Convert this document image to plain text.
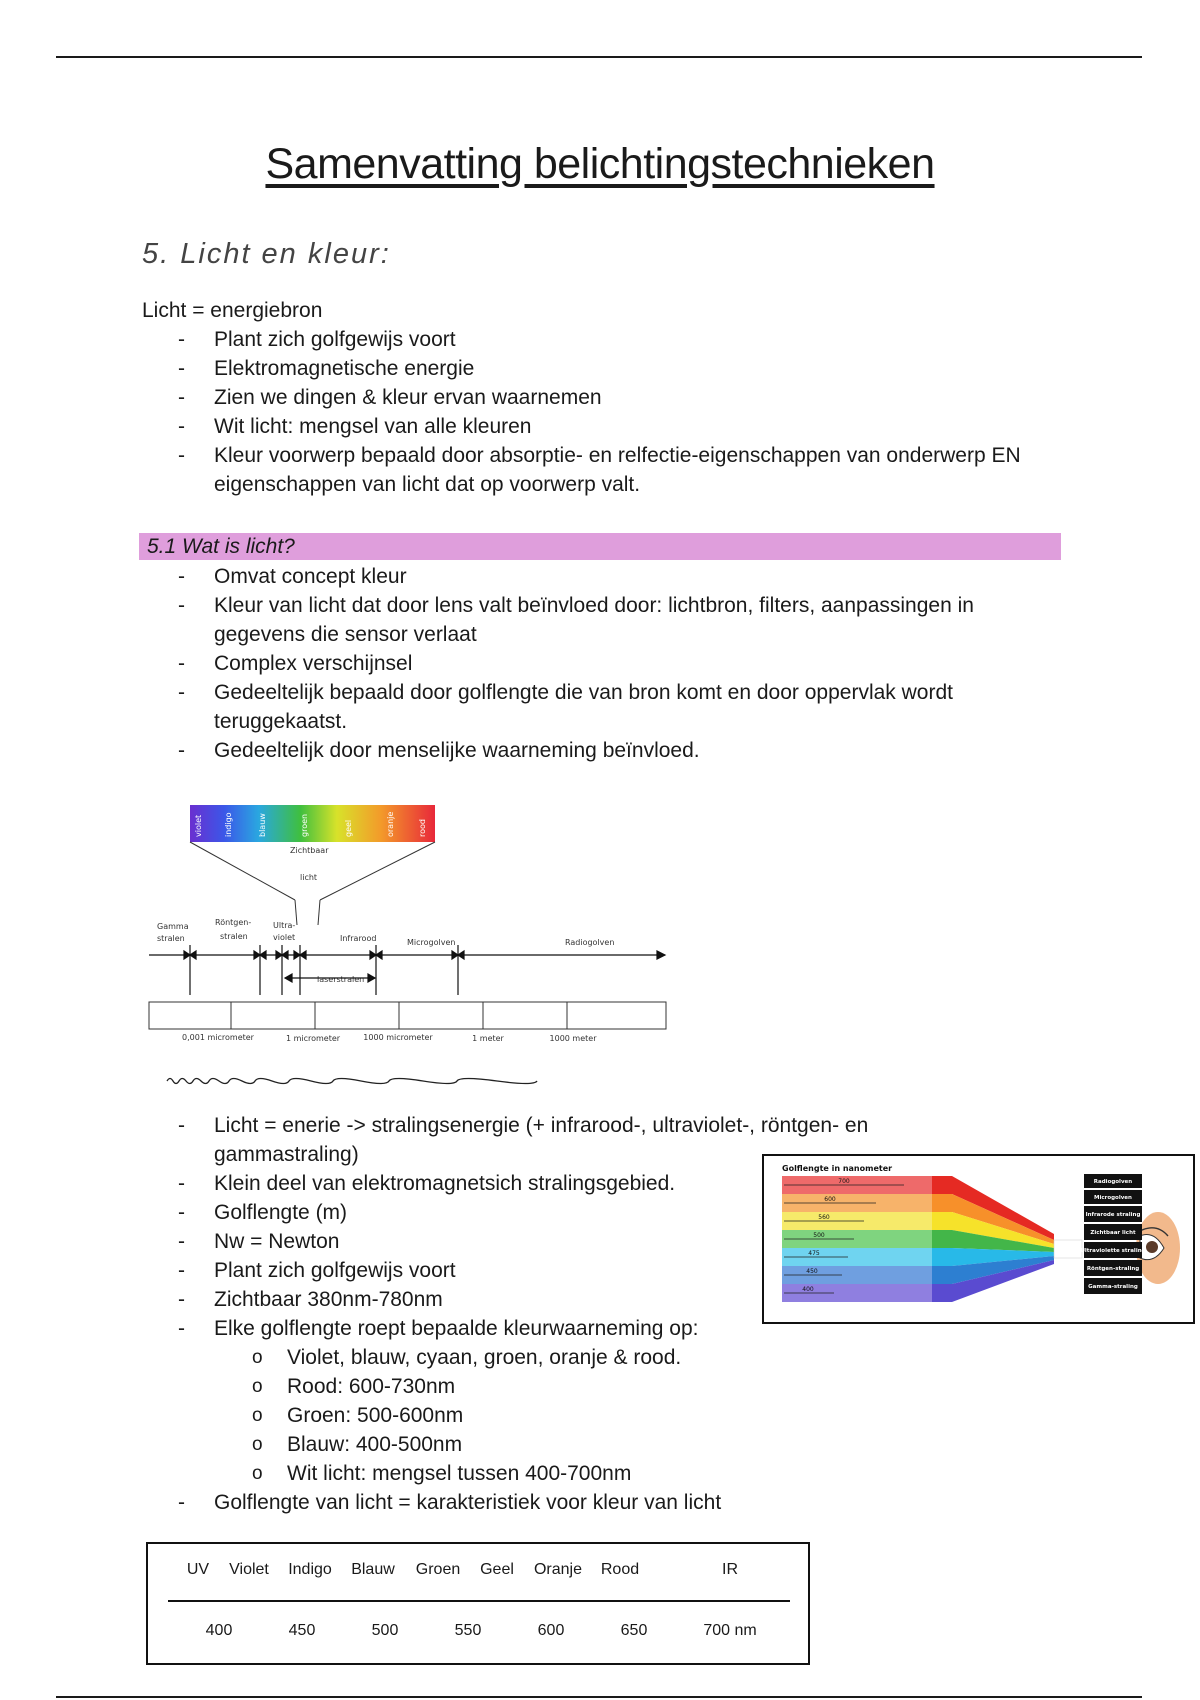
Samenvatting belichtingstechnieken
5. Licht en kleur:
Licht = energiebron
- Plant zich golfgewijs voort
- Elektromagnetische energie
- Zien we dingen & kleur ervan waarnemen
- Wit licht: mengsel van alle kleuren
- Kleur voorwerp bepaald door absorptie- en relfectie-eigenschappen van onderwerp EN eigenschappen van licht dat op voorwerp valt.
5.1 Wat is licht?
- Omvat concept kleur
- Kleur van licht dat door lens valt beïnvloed door: lichtbron, filters, aanpassingen in gegevens die sensor verlaat
- Complex verschijnsel
- Gedeeltelijk bepaald door golflengte die van bron komt en door oppervlak wordt teruggekaatst.
- Gedeeltelijk door menselijke waarneming beïnvloed.
violet	indigo	blauw	groen	geel	oranje	rood
Zichtbaar
licht
Gamma
stralen
Röntgen-
stralen
Ultra-
violet	Infrarood	Microgolven	Radiogolven
laserstralen
0,001 micrometer	1 micrometer	1000 micrometer	1 meter	1000 meter
- Licht = enerie -> stralingsenergie (+ infrarood-, ultraviolet-, röntgen- en gammastraling)
- Klein deel van elektromagnetsich stralingsgebied.
- Golflengte (m)
- Nw = Newton
- Plant zich golfgewijs voort
- Zichtbaar 380nm-780nm
- Elke golflengte roept bepaalde kleurwaarneming op:
o Violet, blauw, cyaan, groen, oranje & rood.
o Rood: 600-730nm
o Groen: 500-600nm
o Blauw: 400-500nm
o Wit licht: mengsel tussen 400-700nm
- Golflengte van licht = karakteristiek voor kleur van licht
Golflengte in nanometer
700
600
560
500
475
450
400
Radiogolven
Microgolven
Infrarode straling
Zichtbaar licht
Ultraviolette straling
Röntgen-straling
Gamma-straling
UV	Violet	Indigo	Blauw	Groen	Geel	Oranje	Rood	IR
400	450	500	550	600	650	700 nm
